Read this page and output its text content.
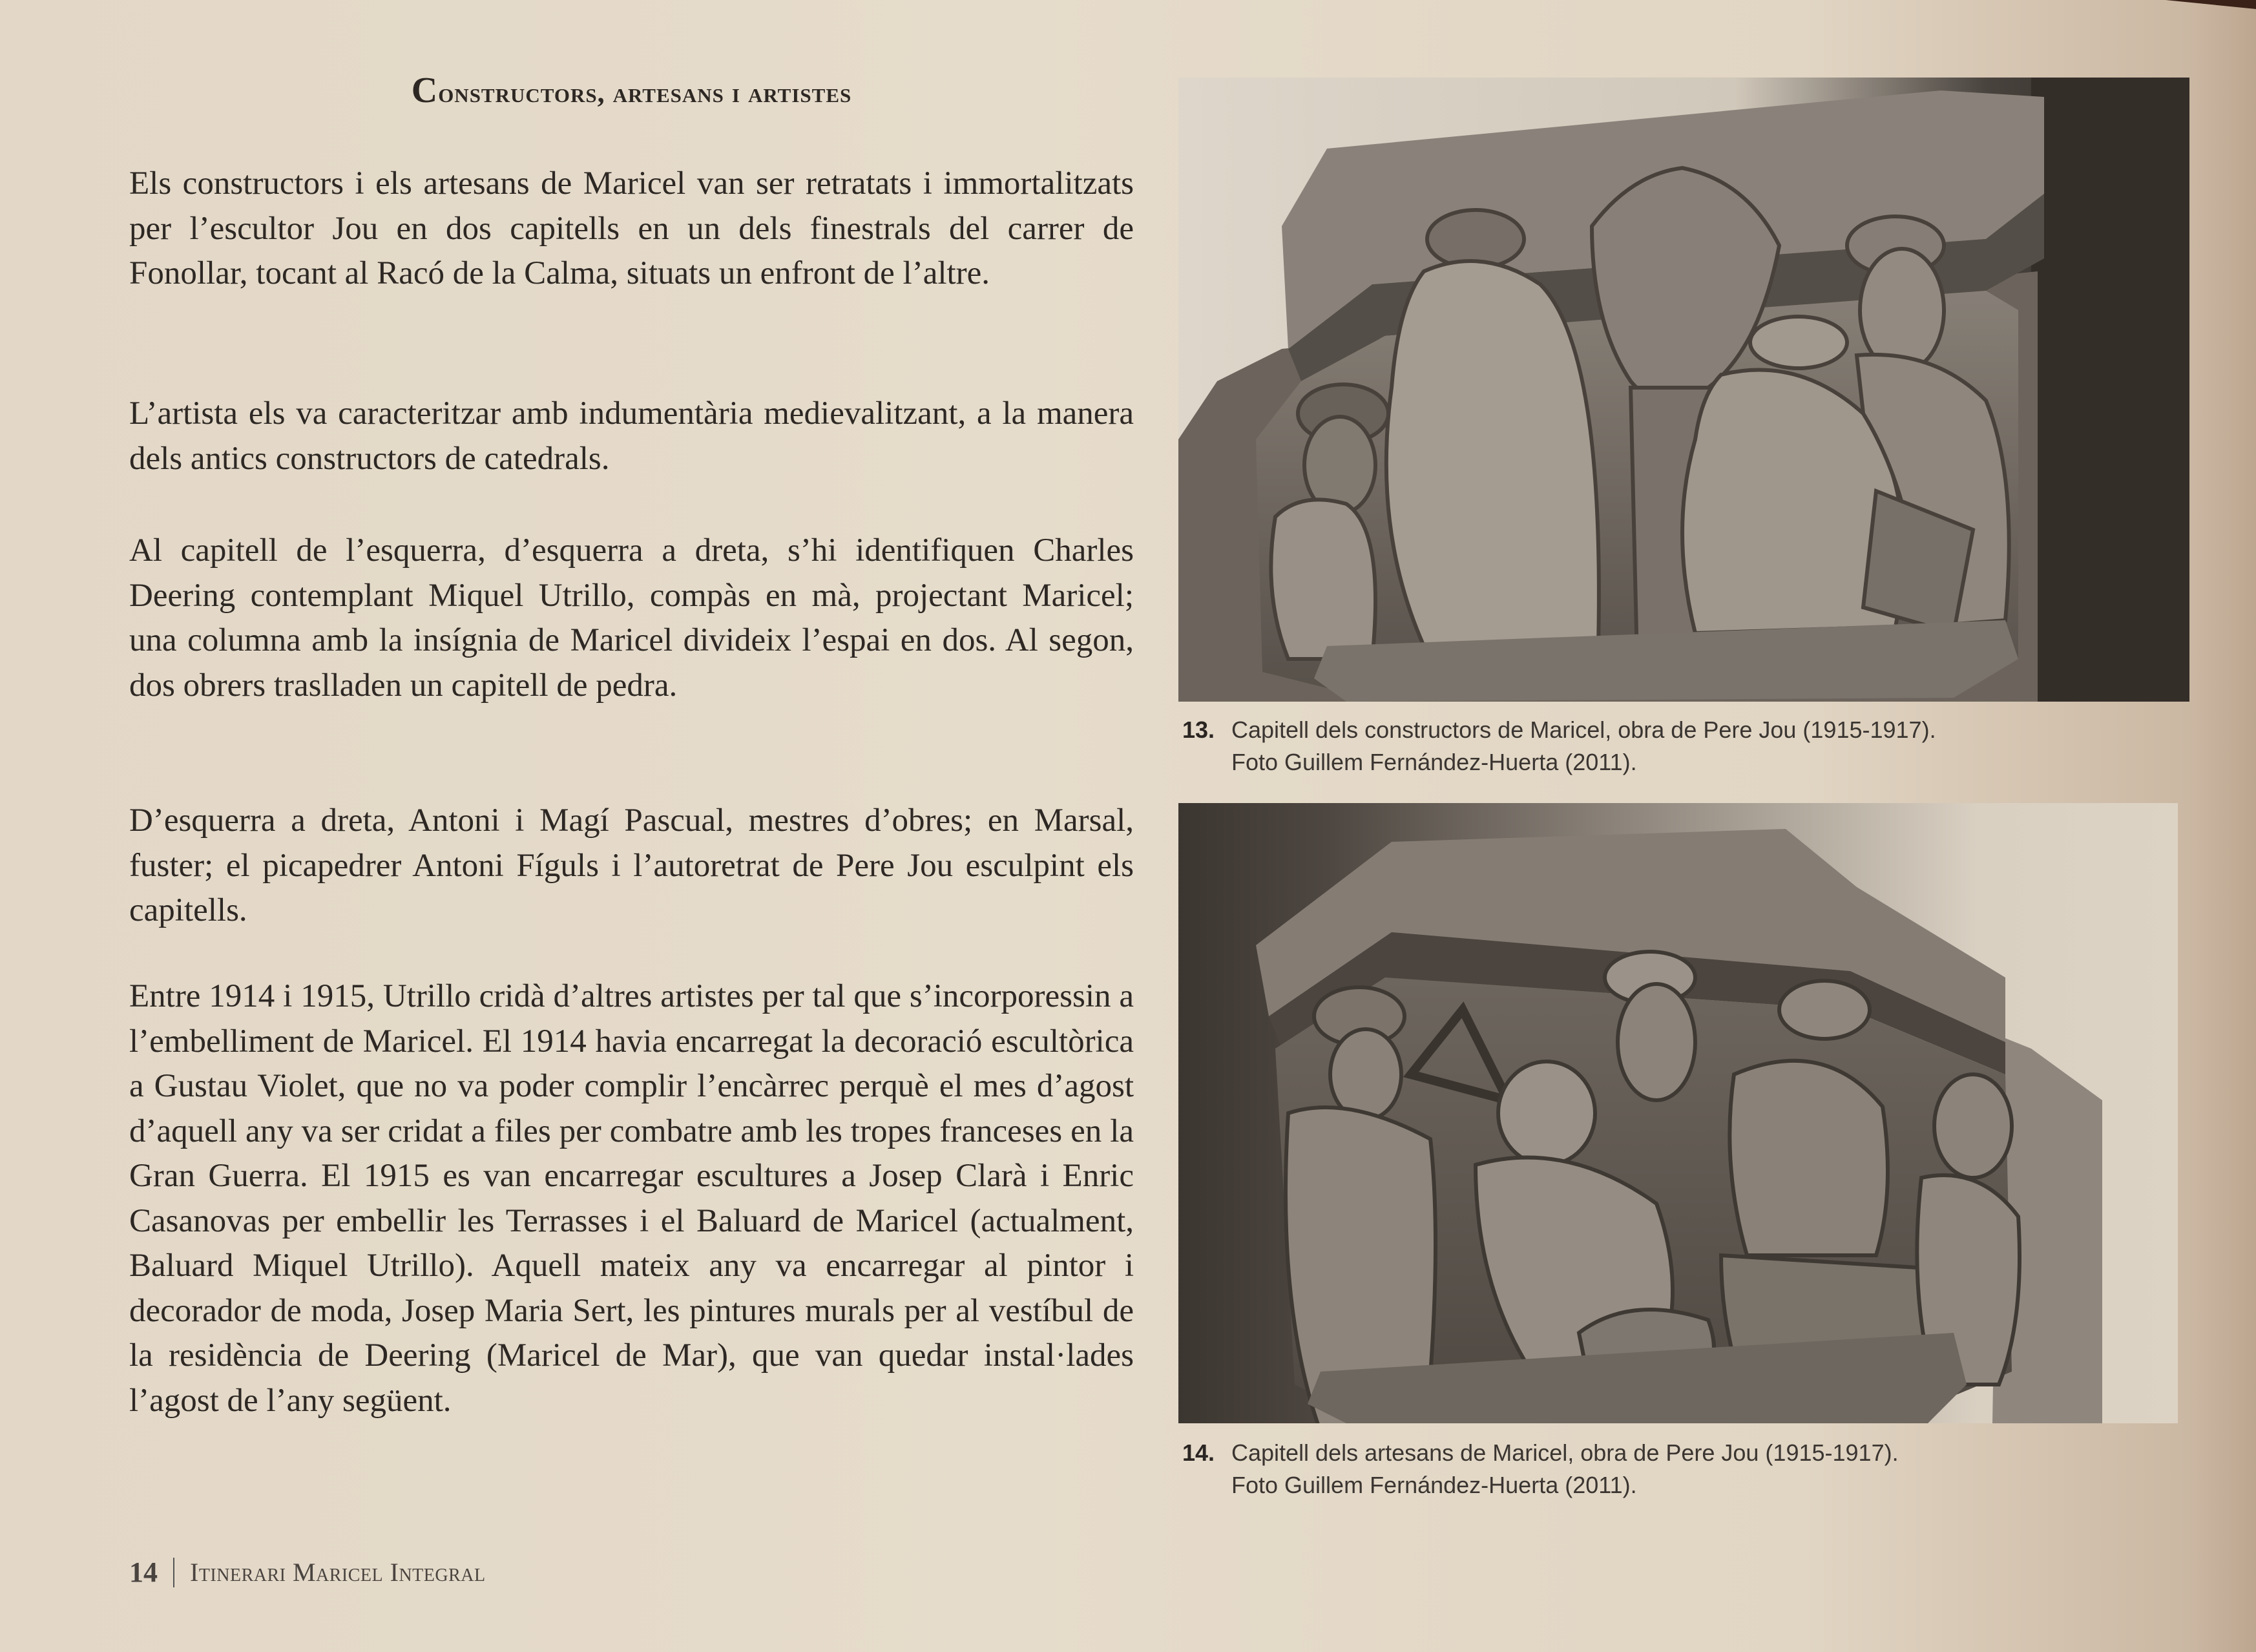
Constructors, artesans i artistes

Els constructors i els artesans de Maricel van ser retratats i immortalitzats per l’escultor Jou en dos capitells en un dels finestrals del carrer de Fonollar, tocant al Racó de la Calma, situats un enfront de l’altre.

L’artista els va caracteritzar amb indumentària medievalitzant, a la manera dels antics constructors de catedrals.

Al capitell de l’esquerra, d’esquerra a dreta, s’hi identifiquen Charles Deering contemplant Miquel Utrillo, compàs en mà, projectant Maricel; una columna amb la insígnia de Maricel divideix l’espai en dos. Al segon, dos obrers traslladen un capitell de pedra.

D’esquerra a dreta, Antoni i Magí Pascual, mestres d’obres; en Marsal, fuster; el picapedrer Antoni Fíguls i l’autoretrat de Pere Jou esculpint els capitells.

Entre 1914 i 1915, Utrillo cridà d’altres artistes per tal que s’incorporessin a l’embelliment de Maricel. El 1914 havia encarregat la decoració escultòrica a Gustau Violet, que no va poder complir l’encàrrec perquè el mes d’agost d’aquell any va ser cridat a files per combatre amb les tropes franceses en la Gran Guerra. El 1915 es van encarregar escultures a Josep Clarà i Enric Casanovas per embellir les Terrasses i el Baluard de Maricel (actualment, Baluard Miquel Utrillo). Aquell mateix any va encarregar al pintor i decorador de moda, Josep Maria Sert, les pintures murals per al vestíbul de la residència de Deering (Maricel de Mar), que van quedar instal·lades l’agost de l’any següent.

13. Capitell dels constructors de Maricel, obra de Pere Jou (1915-1917).
Foto Guillem Fernández-Huerta (2011).
14. Capitell dels artesans de Maricel, obra de Pere Jou (1915-1917).
Foto Guillem Fernández-Huerta (2011).
14 Itinerari Maricel Integral
